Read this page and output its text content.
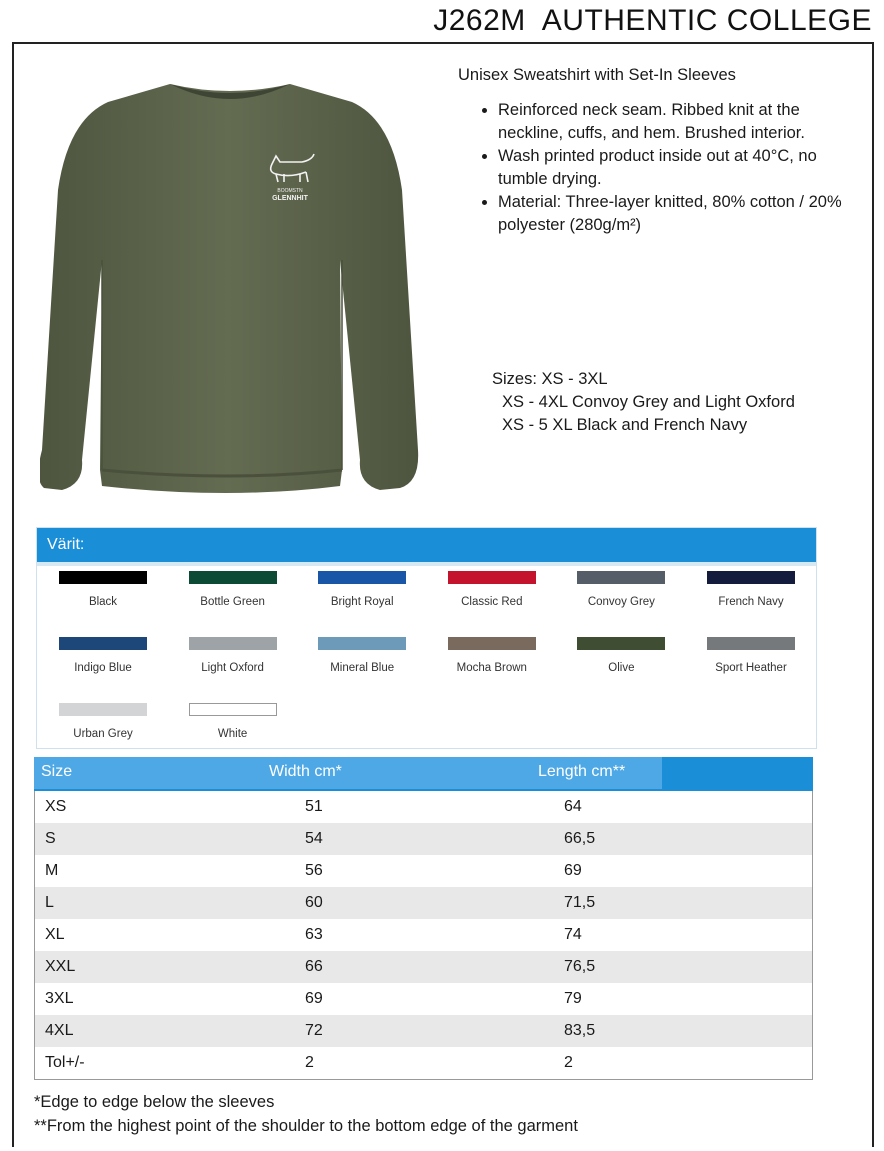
J262M AUTHENTIC COLLEGE
BOOMSTN
GLENNHIT
Unisex Sweatshirt with Set-In Sleeves
• Reinforced neck seam. Ribbed knit at the neckline, cuffs, and hem. Brushed interior.
• Wash printed product inside out at 40°C, no tumble drying.
• Material: Three-layer knitted, 80% cotton / 20% polyester (280g/m²)
Sizes: XS - 3XL
XS - 4XL Convoy Grey and Light Oxford
XS - 5 XL Black and French Navy
Värit:
Black	Bottle Green	Bright Royal	Classic Red	Convoy Grey	French Navy
Indigo Blue	Light Oxford	Mineral Blue	Mocha Brown	Olive	Sport Heather
Urban Grey	White
Size	Width cm*	Length cm**
XS	51	64
S	54	66,5
M	56	69
L	60	71,5
XL	63	74
XXL	66	76,5
3XL	69	79
4XL	72	83,5
Tol+/-	2	2
*Edge to edge below the sleeves
**From the highest point of the shoulder to the bottom edge of the garment
